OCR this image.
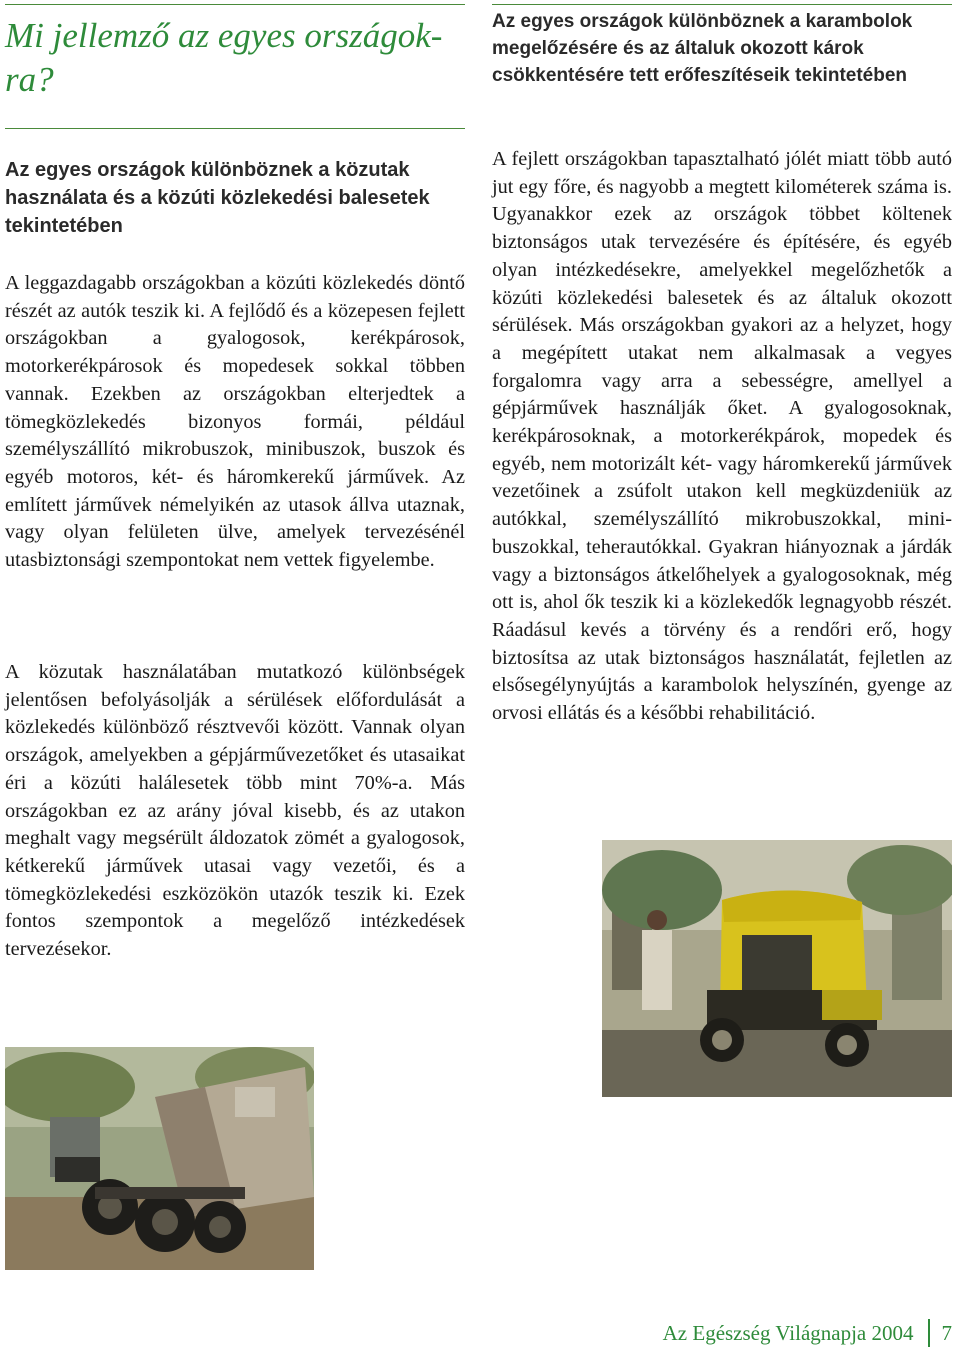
Mi jellemző az egyes országokra?
Az egyes országok különböznek a közutak használata és a közúti közlekedési balesetek tekintetében

A leggazdagabb országokban a közúti közlekedés döntő részét az autók teszik ki. A fejlődő és a közepesen fejlett országokban a gyalogosok, kerékpárosok, motorkerékpárosok és mopedesek sokkal többen vannak. Ezekben az országokban elterjedtek a tömegközlekedés bizonyos formái, például személyszállító mikrobuszok, minibuszok, buszok és egyéb motoros, két- és háromkerekű járművek. Az említett járművek némelyikén az utasok állva utaznak, vagy olyan felületen ülve, amelyek tervezésénél utasbiztonsági szempontokat nem vettek figyelembe.

A közutak használatában mutatkozó különbségek jelentősen befolyásolják a sérülések előfordulását a közlekedés különböző résztvevői között. Vannak olyan országok, amelyekben a gépjárművezetőket és utasaikat éri a közúti halálesetek több mint 70%-a. Más országokban ez az arány jóval kisebb, és az utakon meghalt vagy megsérült áldozatok zömét a gyalogosok, kétkerekű járművek utasai vagy vezetői, és a tömegközlekedési eszközökön utazók teszik ki. Ezek fontos szempontok a megelőző intézkedések tervezésekor.

Az egyes országok különböznek a karambolok megelőzésére és az általuk okozott károk csökkentésére tett erőfeszítéseik tekintetében

A fejlett országokban tapasztalható jólét miatt több autó jut egy főre, és nagyobb a megtett kilométerek száma is. Ugyanakkor ezek az országok többet költenek biztonságos utak tervezésére és építésére, és egyéb olyan intézkedésekre, amelyekkel megelőzhetők a közúti közlekedési balesetek és az általuk okozott sérülések. Más országokban gyakori az a helyzet, hogy a megépített utakat nem alkalmasak a vegyes forgalomra vagy arra a sebességre, amellyel a gépjárművek használják őket. A gyalogosoknak, kerékpárosoknak, a motorkerékpárok, mopedek és egyéb, nem motorizált két- vagy háromkerekű járművek vezetőinek a zsúfolt utakon kell megküzdeniük az autókkal, személyszállító mikrobuszokkal, minibuszokkal, teherautókkal. Gyakran hiányoznak a járdák vagy a biztonságos átkelőhelyek a gyalogosoknak, még ott is, ahol ők teszik ki a közlekedők legnagyobb részét. Ráadásul kevés a törvény és a rendőri erő, hogy biztosítsa az utak biztonságos használatát, fejletlen az elsősegélynyújtás a karambolok helyszínén, gyenge az orvosi ellátás és a későbbi rehabilitáció.

Az Egészség Világnapja 2004 7
